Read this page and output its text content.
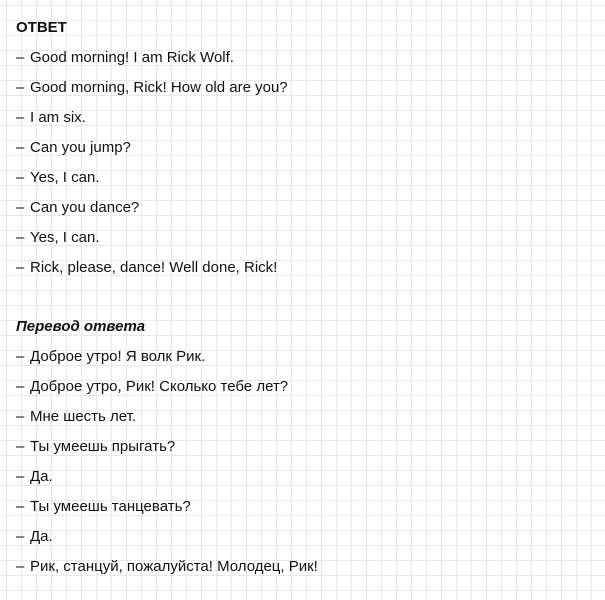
ОТВЕТ
– Good morning! I am Rick Wolf.
– Good morning, Rick! How old are you?
– I am six.
– Can you jump?
– Yes, I can.
– Can you dance?
– Yes, I can.
– Rick, please, dance! Well done, Rick!
Перевод ответа
– Доброе утро! Я волк Рик.
– Доброе утро, Рик! Сколько тебе лет?
– Мне шесть лет.
– Ты умеешь прыгать?
– Да.
– Ты умеешь танцевать?
– Да.
– Рик, станцуй, пожалуйста! Молодец, Рик!
